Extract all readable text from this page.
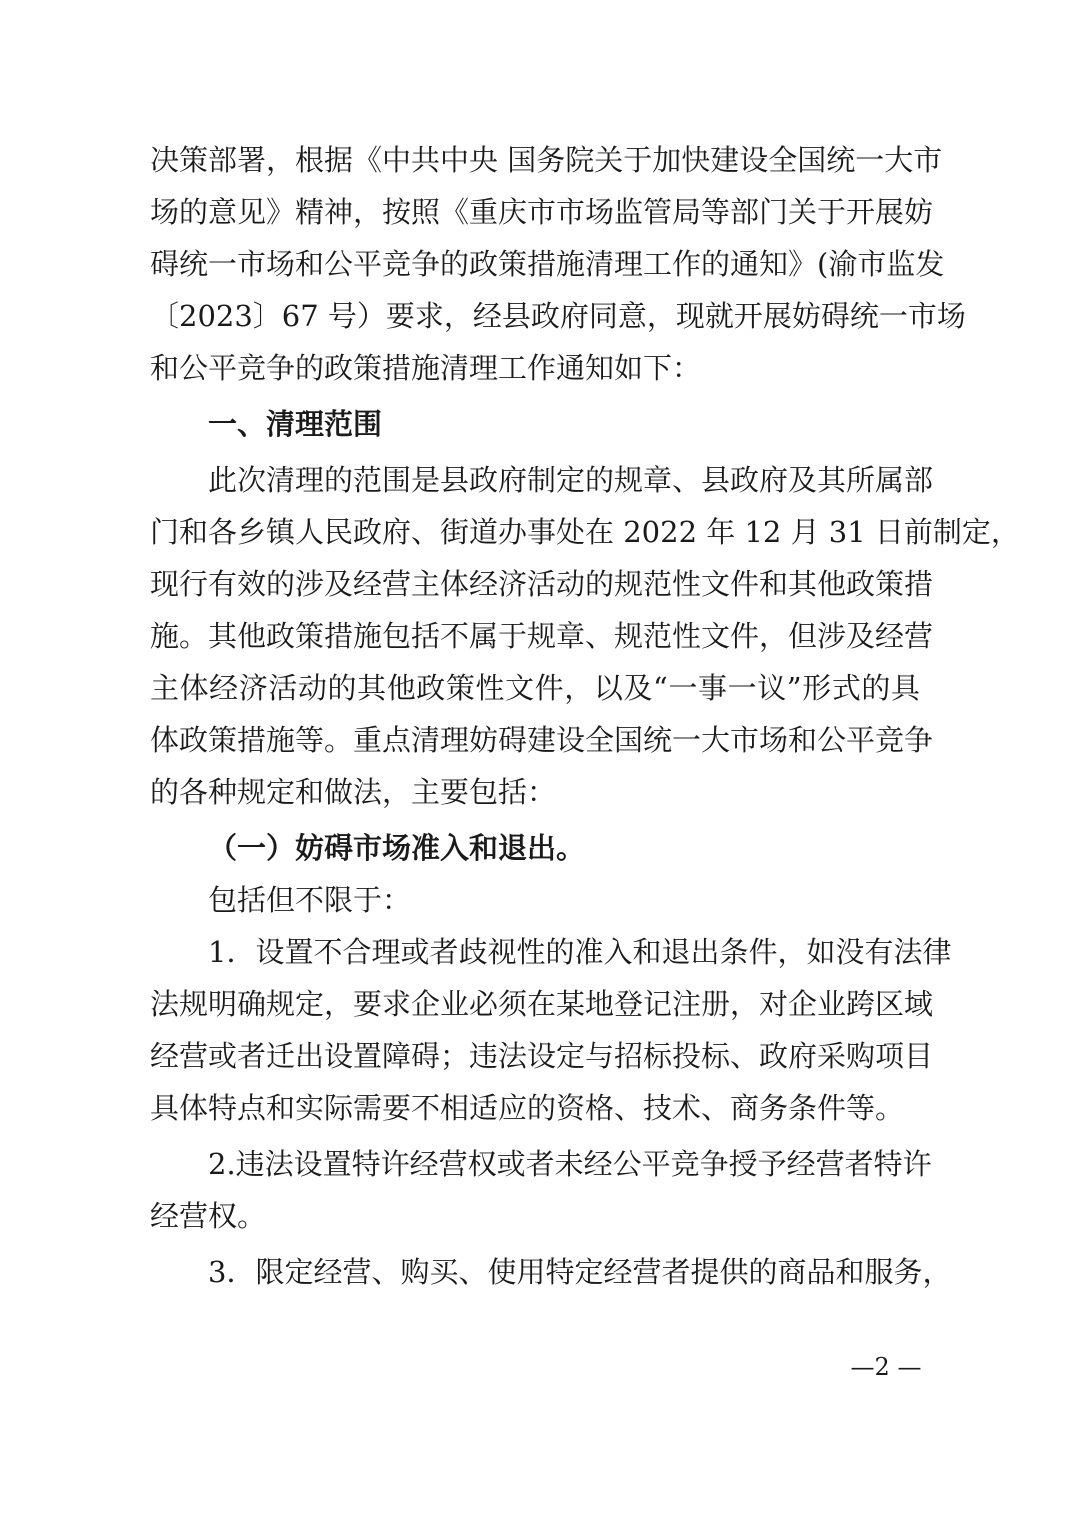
决策部署，根据《中共中央 国务院关于加快建设全国统一大市
场的意见》精神，按照《重庆市市场监管局等部门关于开展妨
碍统一市场和公平竞争的政策措施清理工作的通知》(渝市监发
〔2023〕67 号）要求，经县政府同意，现就开展妨碍统一市场
和公平竞争的政策措施清理工作通知如下：
一、清理范围
此次清理的范围是县政府制定的规章、县政府及其所属部
门和各乡镇人民政府、街道办事处在 2022 年 12 月 31 日前制定，
现行有效的涉及经营主体经济活动的规范性文件和其他政策措
施。其他政策措施包括不属于规章、规范性文件，但涉及经营
主体经济活动的其他政策性文件，以及“一事一议”形式的具
体政策措施等。重点清理妨碍建设全国统一大市场和公平竞争
的各种规定和做法，主要包括：
（一）妨碍市场准入和退出。
包括但不限于：
1．设置不合理或者歧视性的准入和退出条件，如没有法律
法规明确规定，要求企业必须在某地登记注册，对企业跨区域
经营或者迁出设置障碍；违法设定与招标投标、政府采购项目
具体特点和实际需要不相适应的资格、技术、商务条件等。
2.违法设置特许经营权或者未经公平竞争授予经营者特许
经营权。
3．限定经营、购买、使用特定经营者提供的商品和服务，
—2 —
